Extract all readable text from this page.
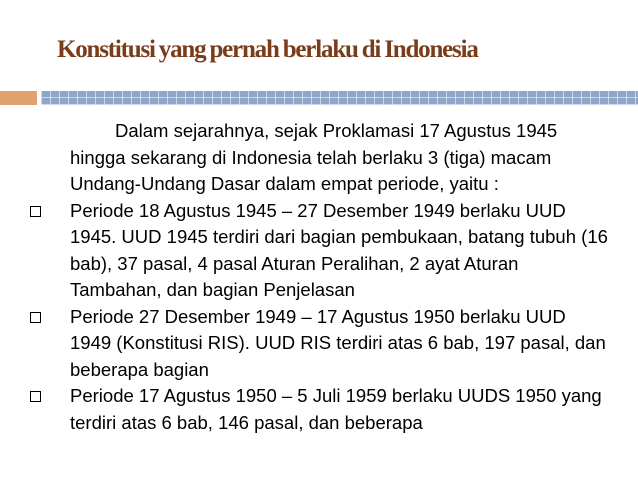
Konstitusi yang pernah berlaku di Indonesia

Dalam sejarahnya, sejak Proklamasi 17 Agustus 1945 hingga sekarang di Indonesia telah berlaku 3 (tiga) macam Undang-Undang Dasar dalam empat periode, yaitu :

Periode 18 Agustus 1945 – 27 Desember 1949 berlaku UUD 1945. UUD 1945 terdiri dari bagian pembukaan, batang tubuh (16 bab), 37 pasal, 4 pasal Aturan Peralihan, 2 ayat Aturan Tambahan, dan bagian Penjelasan
Periode 27 Desember 1949 – 17 Agustus 1950 berlaku UUD 1949 (Konstitusi RIS). UUD RIS terdiri atas 6 bab, 197 pasal, dan beberapa bagian
Periode 17 Agustus 1950 – 5 Juli 1959 berlaku UUDS 1950 yang terdiri atas 6 bab, 146 pasal, dan beberapa
